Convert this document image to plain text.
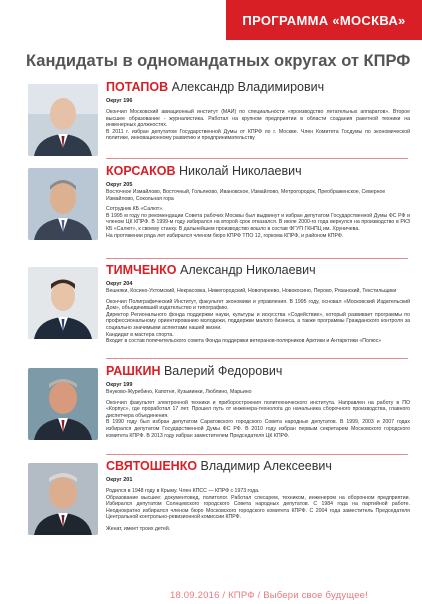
ПРОГРАММА «МОСКВА»
Кандидаты в одномандатных округах от КПРФ
ПОТАПОВ Александр Владимирович
Округ 196

Окончил Московский авиационный институт (МАИ) по специальности «производство летательных аппаратов». Второе высшее образование - журналистика. Работал на крупном предприятии в области создания ракетной техники на инженерных должностях.

В 2011 г. избран депутатом Государственной Думы от КПРФ по г. Москве. Член Комитета Госдумы по экономической политике, инновационному развитию и предпринимательству

КОРСАКОВ Николай Николаевич
Округ 205
Восточное Измайлово, Восточный, Гольяново, Ивановское, Измайлово, Метрогородок, Преображенское, Северное Измайлово, Сокольная гора

Сотрудник КБ «Салют».

В 1995 м году по рекомендации Совета рабочих Москвы был выдвинут и избран депутатом Государственной Думы ФС РФ и членом ЦК КПРФ. В 1999-м году избирался на второй срок отказался. В июле 2000-го года вернулся на производство в РКЗ КБ «Салют», к своему станку. В дальнейшем производство вошло в состав ФГУП ГКНПЦ им. Хруничева.

На протяжении ряда лет избирался членом бюро КПРФ ТПО 12, горкома КПРФ, и районом КПРФ.

ТИМЧЕНКО Александр Николаевич
Округ 204
Вешняки, Косино-Ухтомский, Некрасовка, Нижегородский, Новогиреево, Новокосино, Перово, Рязанский, Текстильщики

Окончил Полиграфический Институт, факультет экономики и управления. В 1995 году, основал «Московский Издательский Дом», объединивший издательство и типографию.

Директор Регионального фонда поддержки науки, культуры и искусства «Содействие», который развивает программы по профессиональному ориентированию молодежи, поддержки малого бизнеса, а также программы Гражданского контроля за социально значимыми аспектами нашей жизни.

Кандидат в мастера спорта.

Входит в состав попечительского совета Фонда поддержки ветеранов-полярников Арктики и Антарктики «Полюс»

РАШКИН Валерий Федорович
Округ 199
Внуково-Журебино, Капотня, Кузьминки, Люблино, Марьино

Окончил факультет электронной техники и приборостроения политехнического института. Направлен на работу в ПО «Корпус», где проработал 17 лет. Прошел путь от инженера-технолога до начальника сборочного производства, главного диспетчера объединения.

В 1990 году был избран депутатом Саратовского городского Совета народных депутатов. В 1999, 2003 и 2007 годах избирался депутатом Государственной Думы ФС РФ. В 2010 году избран первым секретарем Московского городского комитета КПРФ. В 2013 году избран заместителем Председателя ЦК КПРФ.

СВЯТОШЕНКО Владимир Алексеевич
Округ 201

Родился в 1948 году в Крыму. Член КПСС — КПРФ с 1973 года.

Образование высшее: документовед, политолог. Работал слесарем, техником, инженером на оборонном предприятии. Избирался депутатом Солнцевского городского Совета народных депутатов. С 1984 года на партийной работе. Неоднократно избирался членом бюро Московского городского комитета КПРФ. С 2004 года заместитель Председателя Центральной контрольно-ревизионной комиссии КПРФ.

Женат, имеет троих детей.

18.09.2016 / КПРФ / Выбери свое будущее!
